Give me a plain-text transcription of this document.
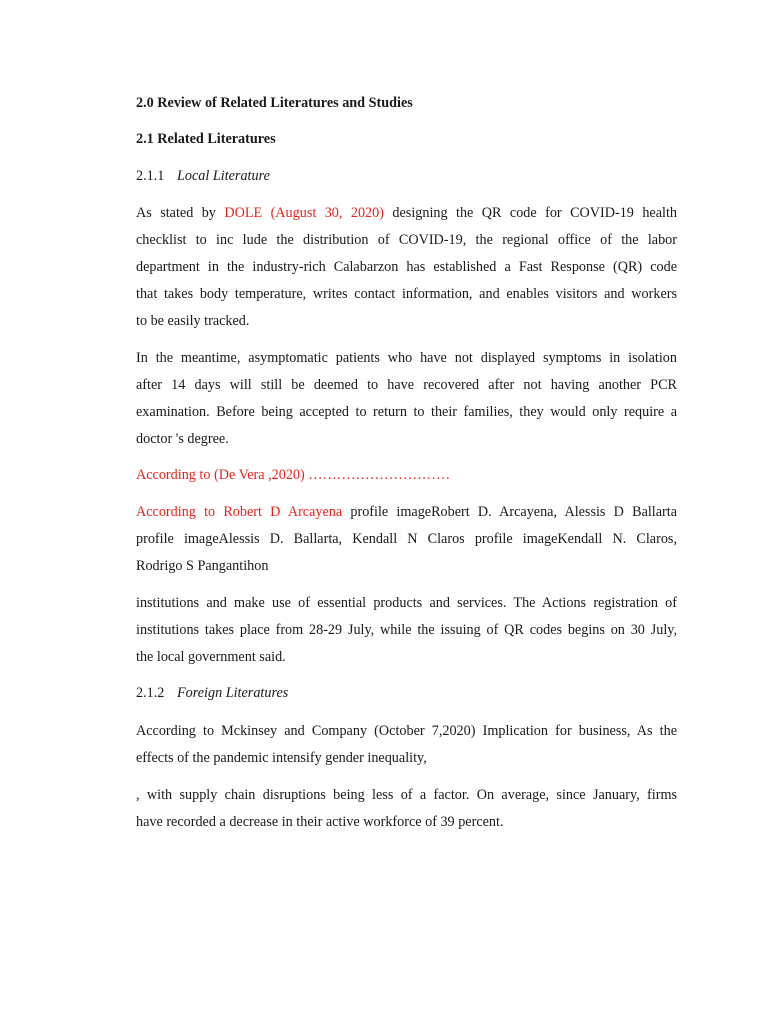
2.0 Review of Related Literatures and Studies
2.1 Related Literatures
2.1.1 Local Literature
As stated by DOLE (August 30, 2020) designing the QR code for COVID-19 health
checklist to inc lude the distribution of COVID-19, the regional office of the labor
department in the industry-rich Calabarzon has established a Fast Response (QR) code
that takes body temperature, writes contact information, and enables visitors and workers
to be easily tracked.
In the meantime, asymptomatic patients who have not displayed symptoms in isolation
after 14 days will still be deemed to have recovered after not having another PCR
examination. Before being accepted to return to their families, they would only require a
doctor 's degree.
According to (De Vera ,2020) …………………………
According to Robert D Arcayena profile imageRobert D. Arcayena, Alessis D Ballarta
profile imageAlessis D. Ballarta, Kendall N Claros profile imageKendall N. Claros,
Rodrigo S Pangantihon
institutions and make use of essential products and services. The Actions registration of
institutions takes place from 28-29 July, while the issuing of QR codes begins on 30 July,
the local government said.
2.1.2 Foreign Literatures
According to Mckinsey and Company (October 7,2020) Implication for business, As the
effects of the pandemic intensify gender inequality,
, with supply chain disruptions being less of a factor. On average, since January, firms
have recorded a decrease in their active workforce of 39 percent.
